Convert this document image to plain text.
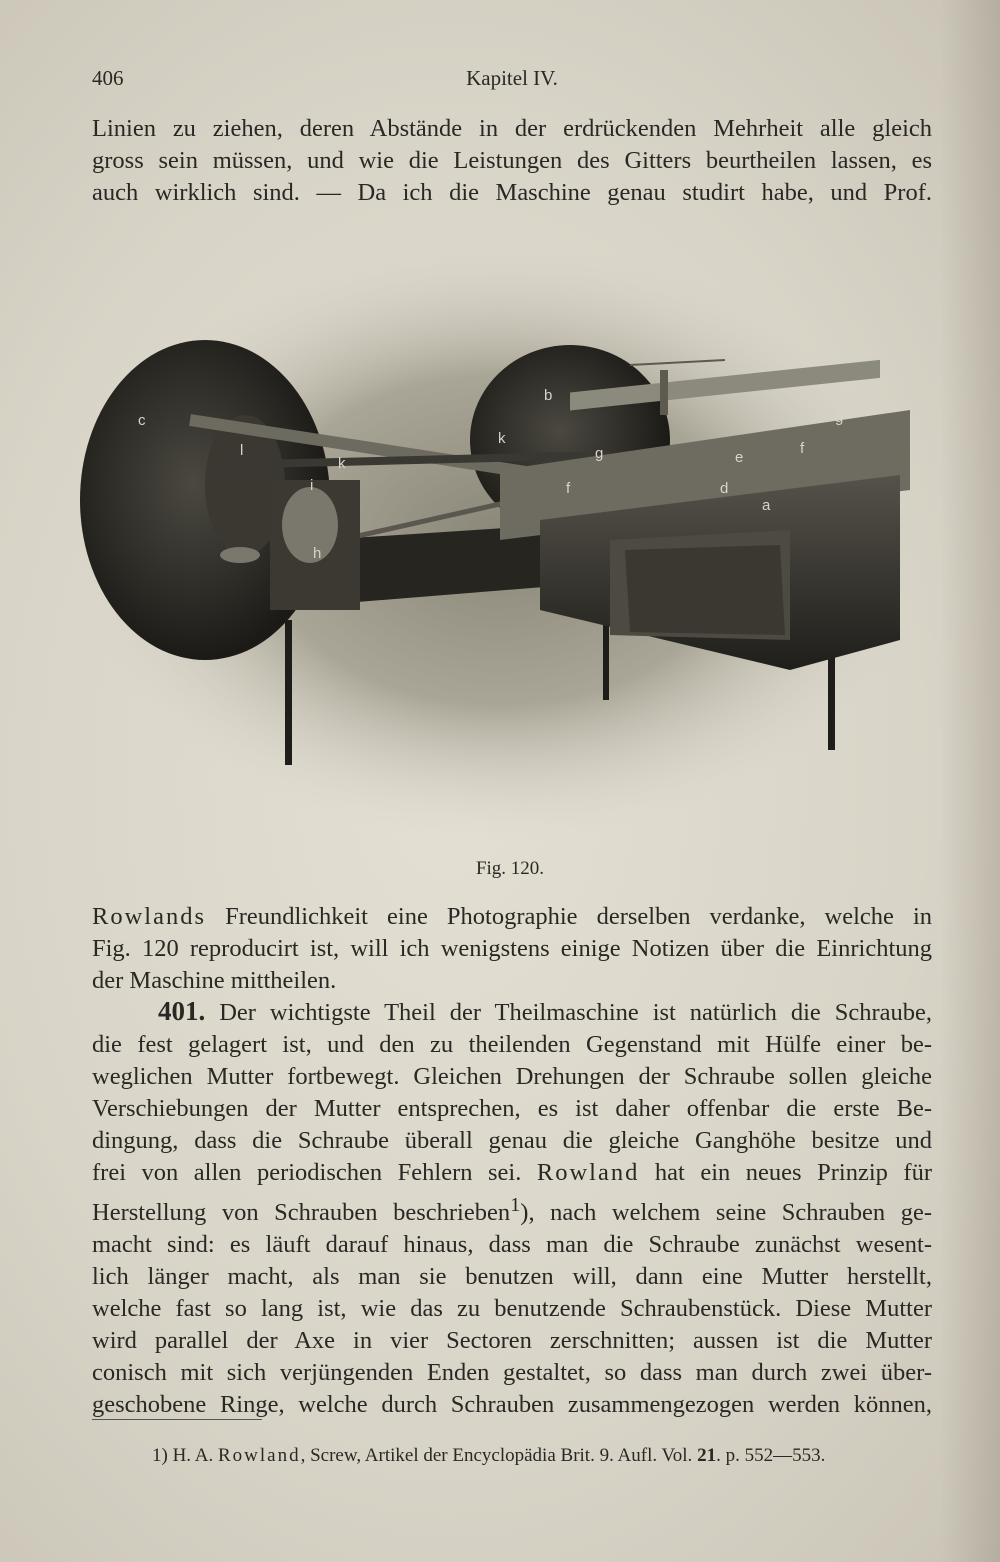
406	Kapitel IV.
Linien zu ziehen, deren Abstände in der erdrückenden Mehrheit alle gleich
gross sein müssen, und wie die Leistungen des Gitters beurtheilen lassen, es
auch wirklich sind. — Da ich die Maschine genau studirt habe, und Prof.
c
l
k
h
i
b
k
g	e
f
g
f	d
a
Fig. 120.
Rowlands Freundlichkeit eine Photographie derselben verdanke, welche in
Fig. 120 reproducirt ist, will ich wenigstens einige Notizen über die Einrichtung
der Maschine mittheilen.
401. Der wichtigste Theil der Theilmaschine ist natürlich die Schraube,
die fest gelagert ist, und den zu theilenden Gegenstand mit Hülfe einer be-
weglichen Mutter fortbewegt. Gleichen Drehungen der Schraube sollen gleiche
Verschiebungen der Mutter entsprechen, es ist daher offenbar die erste Be-
dingung, dass die Schraube überall genau die gleiche Ganghöhe besitze und
frei von allen periodischen Fehlern sei. Rowland hat ein neues Prinzip für
Herstellung von Schrauben beschrieben$^1$), nach welchem seine Schrauben ge-
macht sind: es läuft darauf hinaus, dass man die Schraube zunächst wesent-
lich länger macht, als man sie benutzen will, dann eine Mutter herstellt,
welche fast so lang ist, wie das zu benutzende Schraubenstück. Diese Mutter
wird parallel der Axe in vier Sectoren zerschnitten; aussen ist die Mutter
conisch mit sich verjüngenden Enden gestaltet, so dass man durch zwei über-
geschobene Ringe, welche durch Schrauben zusammengezogen werden können,
1) H. A. Rowland, Screw, Artikel der Encyclopädia Brit. 9. Aufl. Vol. 21. p. 552—553.
